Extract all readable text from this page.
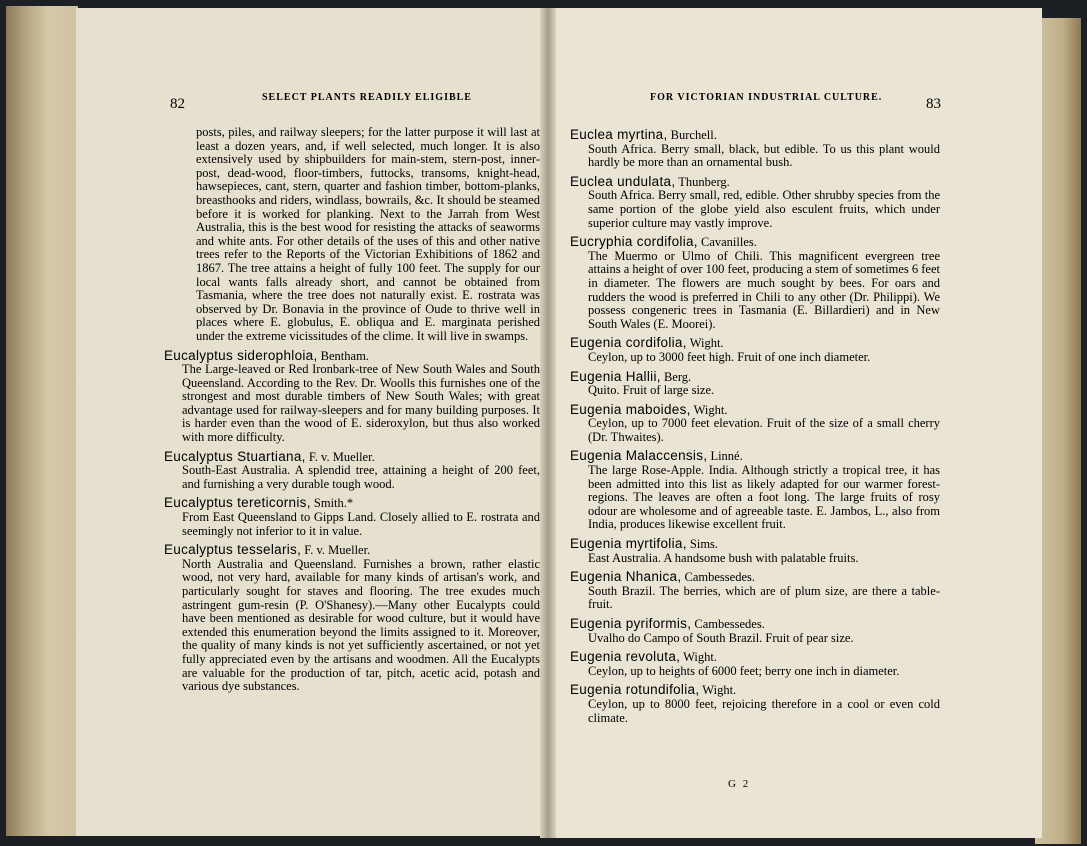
82	SELECT PLANTS READILY ELIGIBLE	FOR VICTORIAN INDUSTRIAL CULTURE.	83

posts, piles, and railway sleepers; for the latter purpose it will last at least a dozen years, and, if well selected, much longer. It is also extensively used by shipbuilders for main-stem, stern-post, inner-post, dead-wood, floor-timbers, futtocks, transoms, knight-head, hawsepieces, cant, stern, quarter and fashion timber, bottom-planks, breasthooks and riders, windlass, bowrails, &c. It should be steamed before it is worked for planking. Next to the Jarrah from West Australia, this is the best wood for resisting the attacks of seaworms and white ants. For other details of the uses of this and other native trees refer to the Reports of the Victorian Exhibitions of 1862 and 1867. The tree attains a height of fully 100 feet. The supply for our local wants falls already short, and cannot be obtained from Tasmania, where the tree does not naturally exist. E. rostrata was observed by Dr. Bonavia in the province of Oude to thrive well in places where E. globulus, E. obliqua and E. marginata perished under the extreme vicissitudes of the clime. It will live in swamps.

Eucalyptus siderophloia, Bentham.
The Large-leaved or Red Ironbark-tree of New South Wales and South Queensland. According to the Rev. Dr. Woolls this furnishes one of the strongest and most durable timbers of New South Wales; with great advantage used for railway-sleepers and for many building purposes. It is harder even than the wood of E. sideroxylon, but thus also worked with more difficulty.
Eucalyptus Stuartiana, F. v. Mueller.
South-East Australia. A splendid tree, attaining a height of 200 feet, and furnishing a very durable tough wood.
Eucalyptus tereticornis, Smith.*
From East Queensland to Gipps Land. Closely allied to E. rostrata and seemingly not inferior to it in value.
Eucalyptus tesselaris, F. v. Mueller.
North Australia and Queensland. Furnishes a brown, rather elastic wood, not very hard, available for many kinds of artisan's work, and particularly sought for staves and flooring. The tree exudes much astringent gum-resin (P. O'Shanesy).—Many other Eucalypts could have been mentioned as desirable for wood culture, but it would have extended this enumeration beyond the limits assigned to it. Moreover, the quality of many kinds is not yet sufficiently ascertained, or not yet fully appreciated even by the artisans and woodmen. All the Eucalypts are valuable for the production of tar, pitch, acetic acid, potash and various dye substances.
Euclea myrtina, Burchell.
South Africa. Berry small, black, but edible. To us this plant would hardly be more than an ornamental bush.
Euclea undulata, Thunberg.
South Africa. Berry small, red, edible. Other shrubby species from the same portion of the globe yield also esculent fruits, which under superior culture may vastly improve.
Eucryphia cordifolia, Cavanilles.
The Muermo or Ulmo of Chili. This magnificent evergreen tree attains a height of over 100 feet, producing a stem of sometimes 6 feet in diameter. The flowers are much sought by bees. For oars and rudders the wood is preferred in Chili to any other (Dr. Philippi). We possess congeneric trees in Tasmania (E. Billardieri) and in New South Wales (E. Moorei).
Eugenia cordifolia, Wight.
Ceylon, up to 3000 feet high. Fruit of one inch diameter.
Eugenia Hallii, Berg.
Quito. Fruit of large size.
Eugenia maboides, Wight.
Ceylon, up to 7000 feet elevation. Fruit of the size of a small cherry (Dr. Thwaites).
Eugenia Malaccensis, Linné.
The large Rose-Apple. India. Although strictly a tropical tree, it has been admitted into this list as likely adapted for our warmer forest-regions. The leaves are often a foot long. The large fruits of rosy odour are wholesome and of agreeable taste. E. Jambos, L., also from India, produces likewise excellent fruit.
Eugenia myrtifolia, Sims.
East Australia. A handsome bush with palatable fruits.
Eugenia Nhanica, Cambessedes.
South Brazil. The berries, which are of plum size, are there a table-fruit.
Eugenia pyriformis, Cambessedes.
Uvalho do Campo of South Brazil. Fruit of pear size.
Eugenia revoluta, Wight.
Ceylon, up to heights of 6000 feet; berry one inch in diameter.
Eugenia rotundifolia, Wight.
Ceylon, up to 8000 feet, rejoicing therefore in a cool or even cold climate.
G 2
